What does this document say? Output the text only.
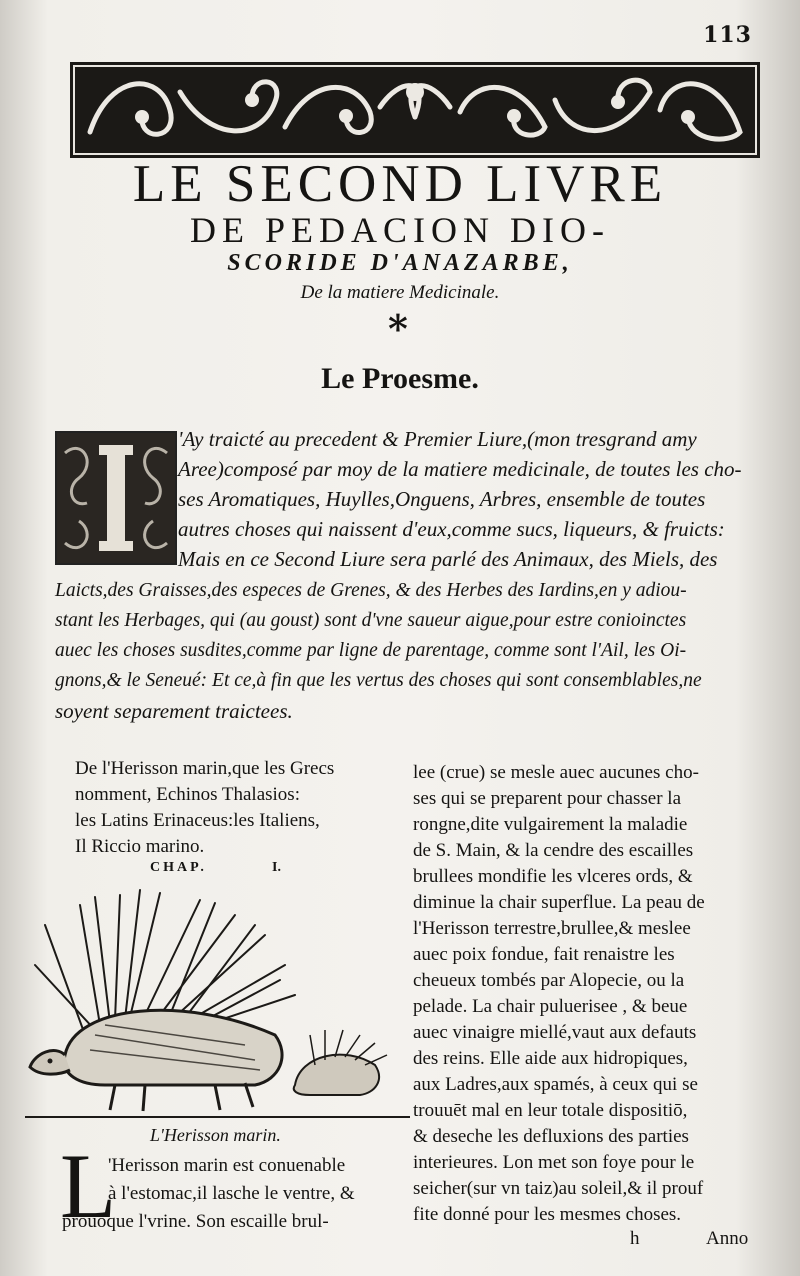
113
LE SECOND LIVRE
DE PEDACION DIO-
SCORIDE D'ANAZARBE,
De la matiere Medicinale.
*
Le Proesme.
'Ay traicté au precedent & Premier Liure,(mon tresgrand amy
Aree)composé par moy de la matiere medicinale, de toutes les cho-
ses Aromatiques, Huylles,Onguens, Arbres, ensemble de toutes
autres choses qui naissent d'eux,comme sucs, liqueurs, & fruicts:
Mais en ce Second Liure sera parlé des Animaux, des Miels, des
Laicts,des Graisses,des especes de Grenes, & des Herbes des Iardins,en y adiou-
stant les Herbages, qui (au goust) sont d'vne saueur aigue,pour estre conioinctes
auec les choses susdites,comme par ligne de parentage, comme sont l'Ail, les Oi-
gnons,& le Seneué: Et ce,à fin que les vertus des choses qui sont consemblables,ne
soyent separement traictees.
De l'Herisson marin,que les Grecs
nomment, Echinos Thalasios:
les Latins Erinaceus:les Italiens,
Il Riccio marino.
CHAP.	I.
L'Herisson marin.
L
'Herisson marin est conuenable
à l'estomac,il lasche le ventre, &
prouoque l'vrine. Son escaille brul-
lee (crue) se mesle auec aucunes cho-
ses qui se preparent pour chasser la
rongne,dite vulgairement la maladie
de S. Main, & la cendre des escailles
brullees mondifie les vlceres ords, &
diminue la chair superflue. La peau de
l'Herisson terrestre,brullee,& meslee
auec poix fondue, fait renaistre les
cheueux tombés par Alopecie, ou la
pelade. La chair puluerisee , & beue
auec vinaigre miellé,vaut aux defauts
des reins. Elle aide aux hidropiques,
aux Ladres,aux spamés, à ceux qui se
trouuēt mal en leur totale dispositiō,
& deseche les defluxions des parties
interieures. Lon met son foye pour le
seicher(sur vn taiz)au soleil,& il prouf
fite donné pour les mesmes choses.
h	Anno
